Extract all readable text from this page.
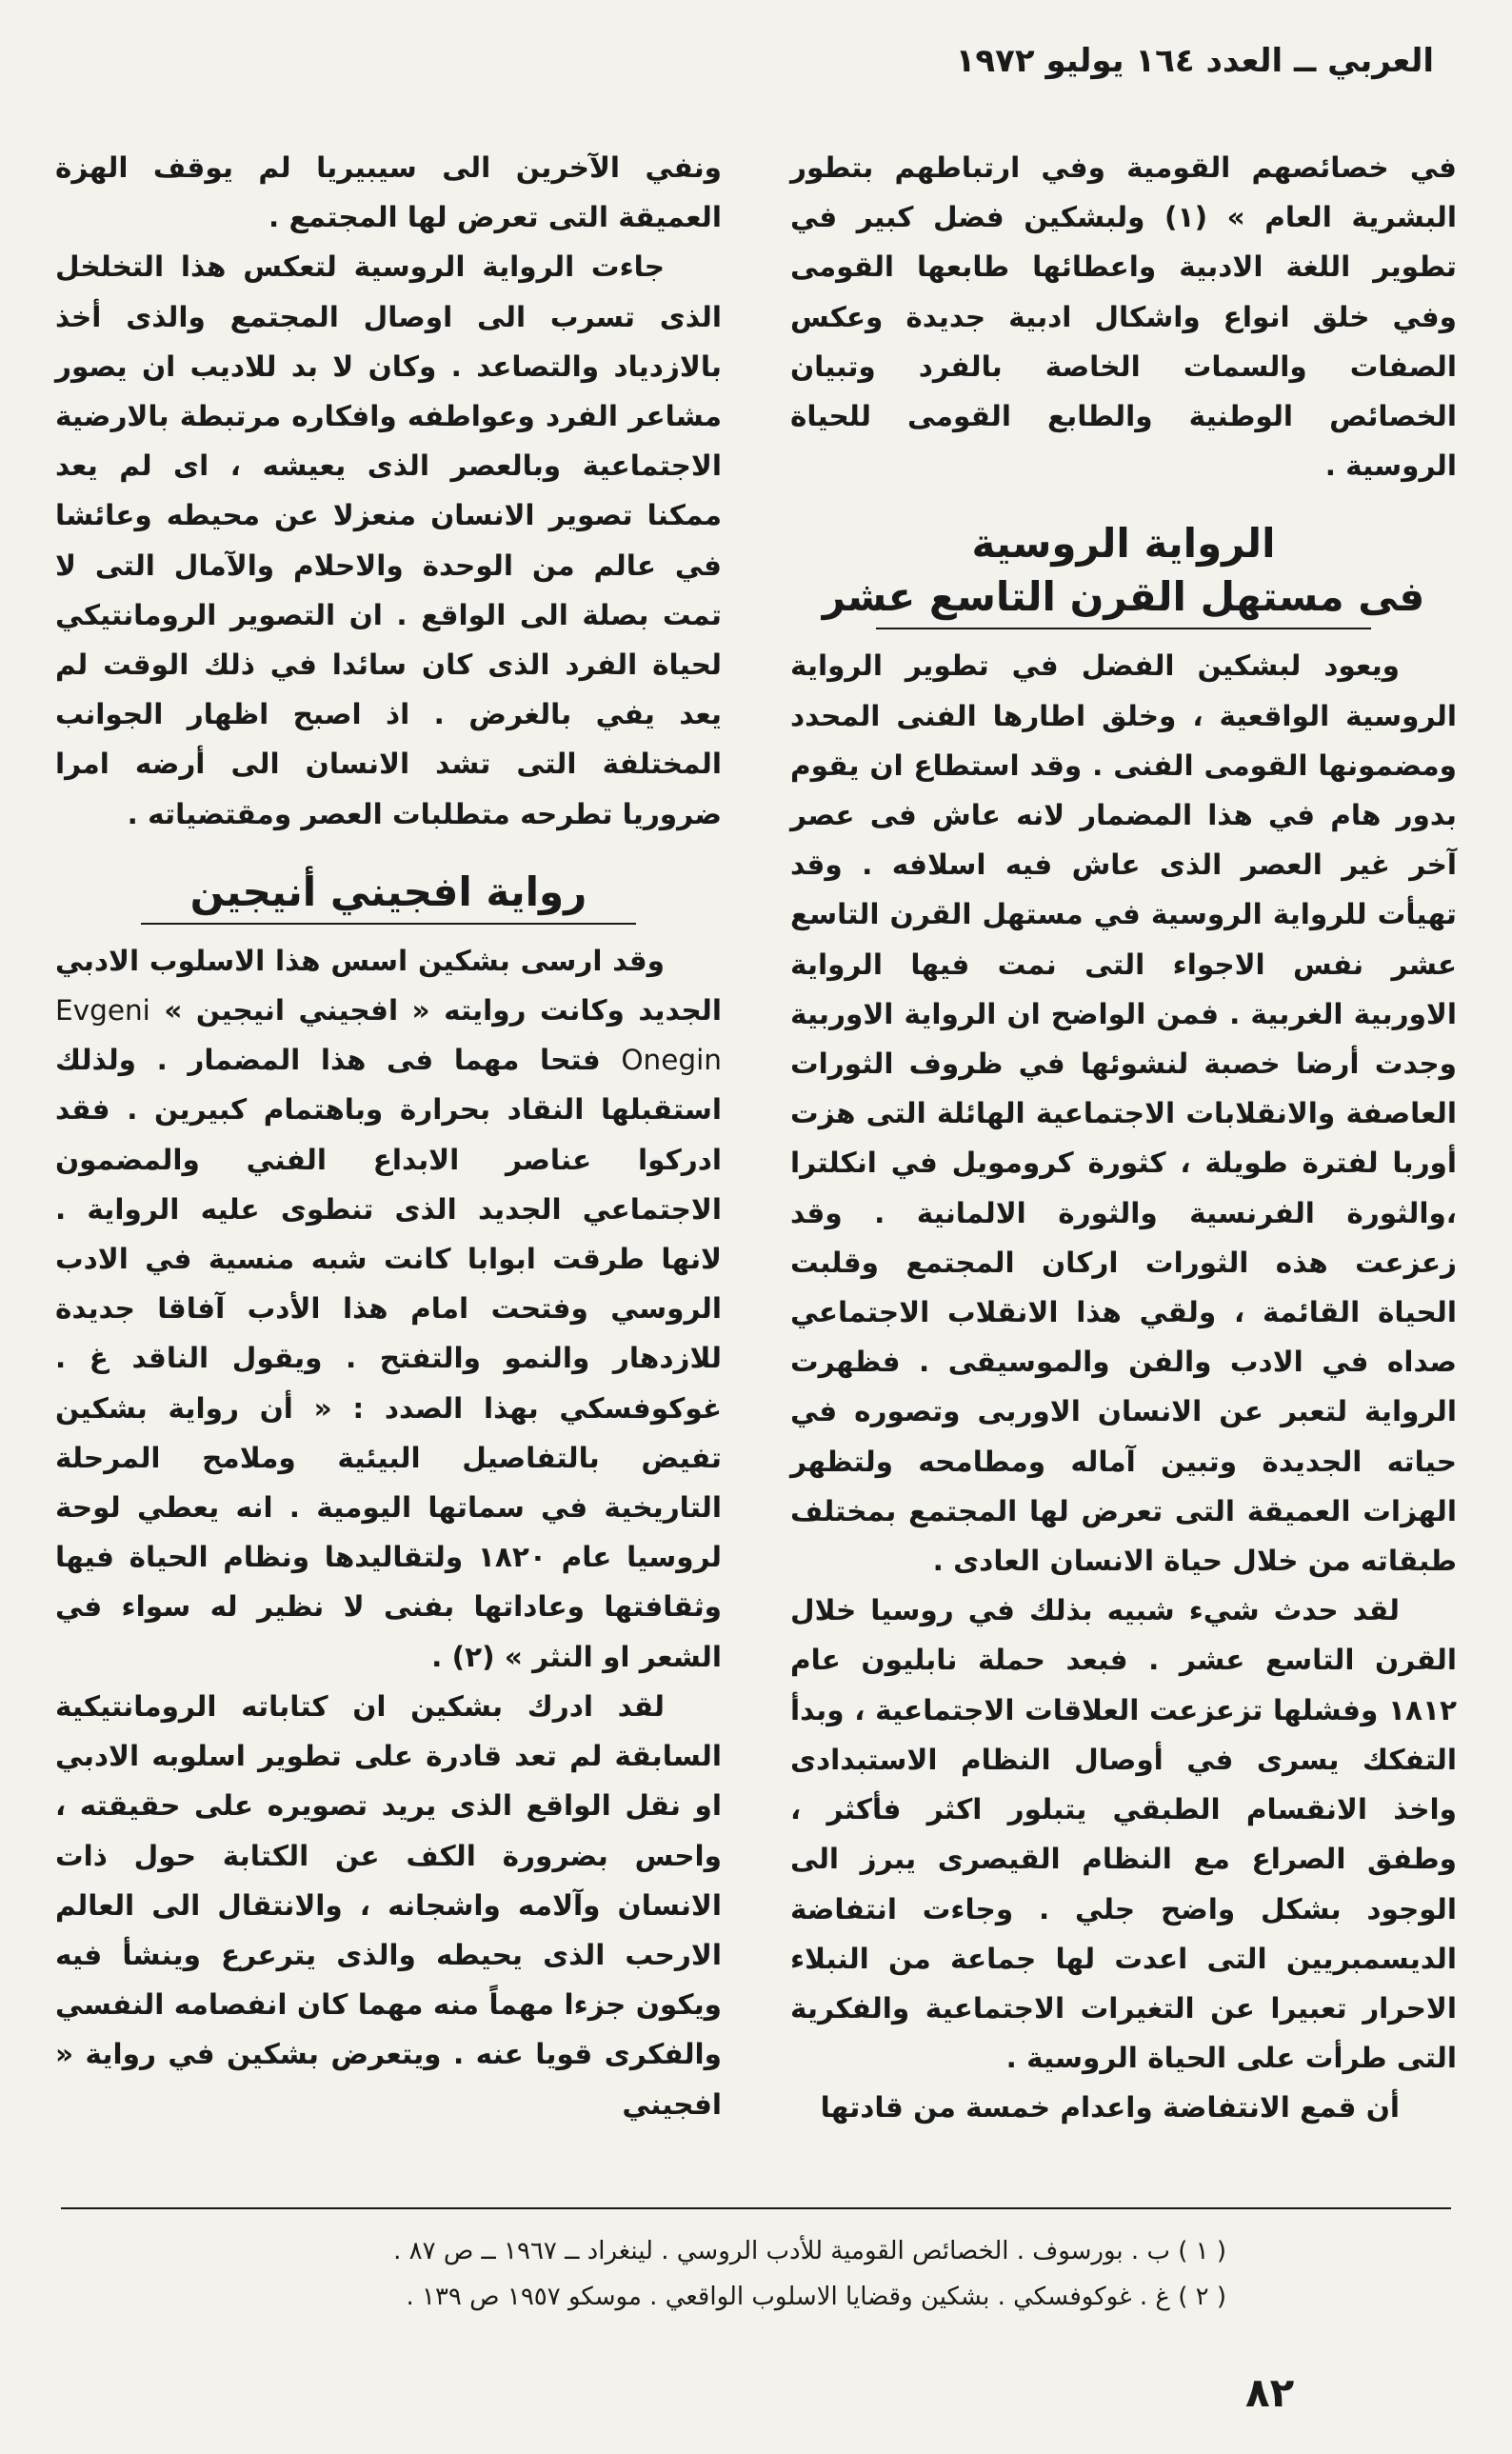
العربي ــ العدد ١٦٤ يوليو ١٩٧٢

في خصائصهم القومية وفي ارتباطهم بتطور البشرية العام » (١) ولبشكين فضل كبير في تطوير اللغة الادبية واعطائها طابعها القومى وفي خلق انواع واشكال ادبية جديدة وعكس الصفات والسمات الخاصة بالفرد وتبيان الخصائص الوطنية والطابع القومى للحياة الروسية .

الرواية الروسية
فى مستهل القرن التاسع عشر

ويعود لبشكين الفضل في تطوير الرواية الروسية الواقعية ، وخلق اطارها الفنى المحدد ومضمونها القومى الفنى . وقد استطاع ان يقوم بدور هام في هذا المضمار لانه عاش فى عصر آخر غير العصر الذى عاش فيه اسلافه . وقد تهيأت للرواية الروسية في مستهل القرن التاسع عشر نفس الاجواء التى نمت فيها الرواية الاوربية الغربية . فمن الواضح ان الرواية الاوربية وجدت أرضا خصبة لنشوئها في ظروف الثورات العاصفة والانقلابات الاجتماعية الهائلة التى هزت أوربا لفترة طويلة ، كثورة كرومويل في انكلترا ،والثورة الفرنسية والثورة الالمانية . وقد زعزعت هذه الثورات اركان المجتمع وقلبت الحياة القائمة ، ولقي هذا الانقلاب الاجتماعي صداه في الادب والفن والموسيقى . فظهرت الرواية لتعبر عن الانسان الاوربى وتصوره في حياته الجديدة وتبين آماله ومطامحه ولتظهر الهزات العميقة التى تعرض لها المجتمع بمختلف طبقاته من خلال حياة الانسان العادى .

لقد حدث شيء شبيه بذلك في روسيا خلال القرن التاسع عشر . فبعد حملة نابليون عام ١٨١٢ وفشلها تزعزعت العلاقات الاجتماعية ، وبدأ التفكك يسرى في أوصال النظام الاستبدادى واخذ الانقسام الطبقي يتبلور اكثر فأكثر ، وطفق الصراع مع النظام القيصرى يبرز الى الوجود بشكل واضح جلي . وجاءت انتفاضة الديسمبريين التى اعدت لها جماعة من النبلاء الاحرار تعبيرا عن التغيرات الاجتماعية والفكرية التى طرأت على الحياة الروسية .

أن قمع الانتفاضة واعدام خمسة من قادتها

ونفي الآخرين الى سيبيريا لم يوقف الهزة العميقة التى تعرض لها المجتمع .

جاءت الرواية الروسية لتعكس هذا التخلخل الذى تسرب الى اوصال المجتمع والذى أخذ بالازدياد والتصاعد . وكان لا بد للاديب ان يصور مشاعر الفرد وعواطفه وافكاره مرتبطة بالارضية الاجتماعية وبالعصر الذى يعيشه ، اى لم يعد ممكنا تصوير الانسان منعزلا عن محيطه وعائشا في عالم من الوحدة والاحلام والآمال التى لا تمت بصلة الى الواقع . ان التصوير الرومانتيكي لحياة الفرد الذى كان سائدا في ذلك الوقت لم يعد يفي بالغرض . اذ اصبح اظهار الجوانب المختلفة التى تشد الانسان الى أرضه امرا ضروريا تطرحه متطلبات العصر ومقتضياته .

رواية افجيني أنيجين

وقد ارسى بشكين اسس هذا الاسلوب الادبي الجديد وكانت روايته « افجيني انيجين » Evgeni Onegin فتحا مهما فى هذا المضمار . ولذلك استقبلها النقاد بحرارة وباهتمام كبيرين . فقد ادركوا عناصر الابداع الفني والمضمون الاجتماعي الجديد الذى تنطوى عليه الرواية . لانها طرقت ابوابا كانت شبه منسية في الادب الروسي وفتحت امام هذا الأدب آفاقا جديدة للازدهار والنمو والتفتح . ويقول الناقد غ . غوكوفسكي بهذا الصدد : « أن رواية بشكين تفيض بالتفاصيل البيئية وملامح المرحلة التاريخية في سماتها اليومية . انه يعطي لوحة لروسيا عام ١٨٢٠ ولتقاليدها ونظام الحياة فيها وثقافتها وعاداتها بفنى لا نظير له سواء في الشعر او النثر » (٢) .

لقد ادرك بشكين ان كتاباته الرومانتيكية السابقة لم تعد قادرة على تطوير اسلوبه الادبي او نقل الواقع الذى يريد تصويره على حقيقته ، واحس بضرورة الكف عن الكتابة حول ذات الانسان وآلامه واشجانه ، والانتقال الى العالم الارحب الذى يحيطه والذى يترعرع وينشأ فيه ويكون جزءا مهماً منه مهما كان انفصامه النفسي والفكرى قويا عنه . ويتعرض بشكين في رواية « افجيني

( ١ ) ب . بورسوف . الخصائص القومية للأدب الروسي . لينغراد ــ ١٩٦٧ ــ ص ٨٧ .
( ٢ ) غ . غوكوفسكي . بشكين وقضايا الاسلوب الواقعي . موسكو ١٩٥٧ ص ١٣٩ .
٨٢
